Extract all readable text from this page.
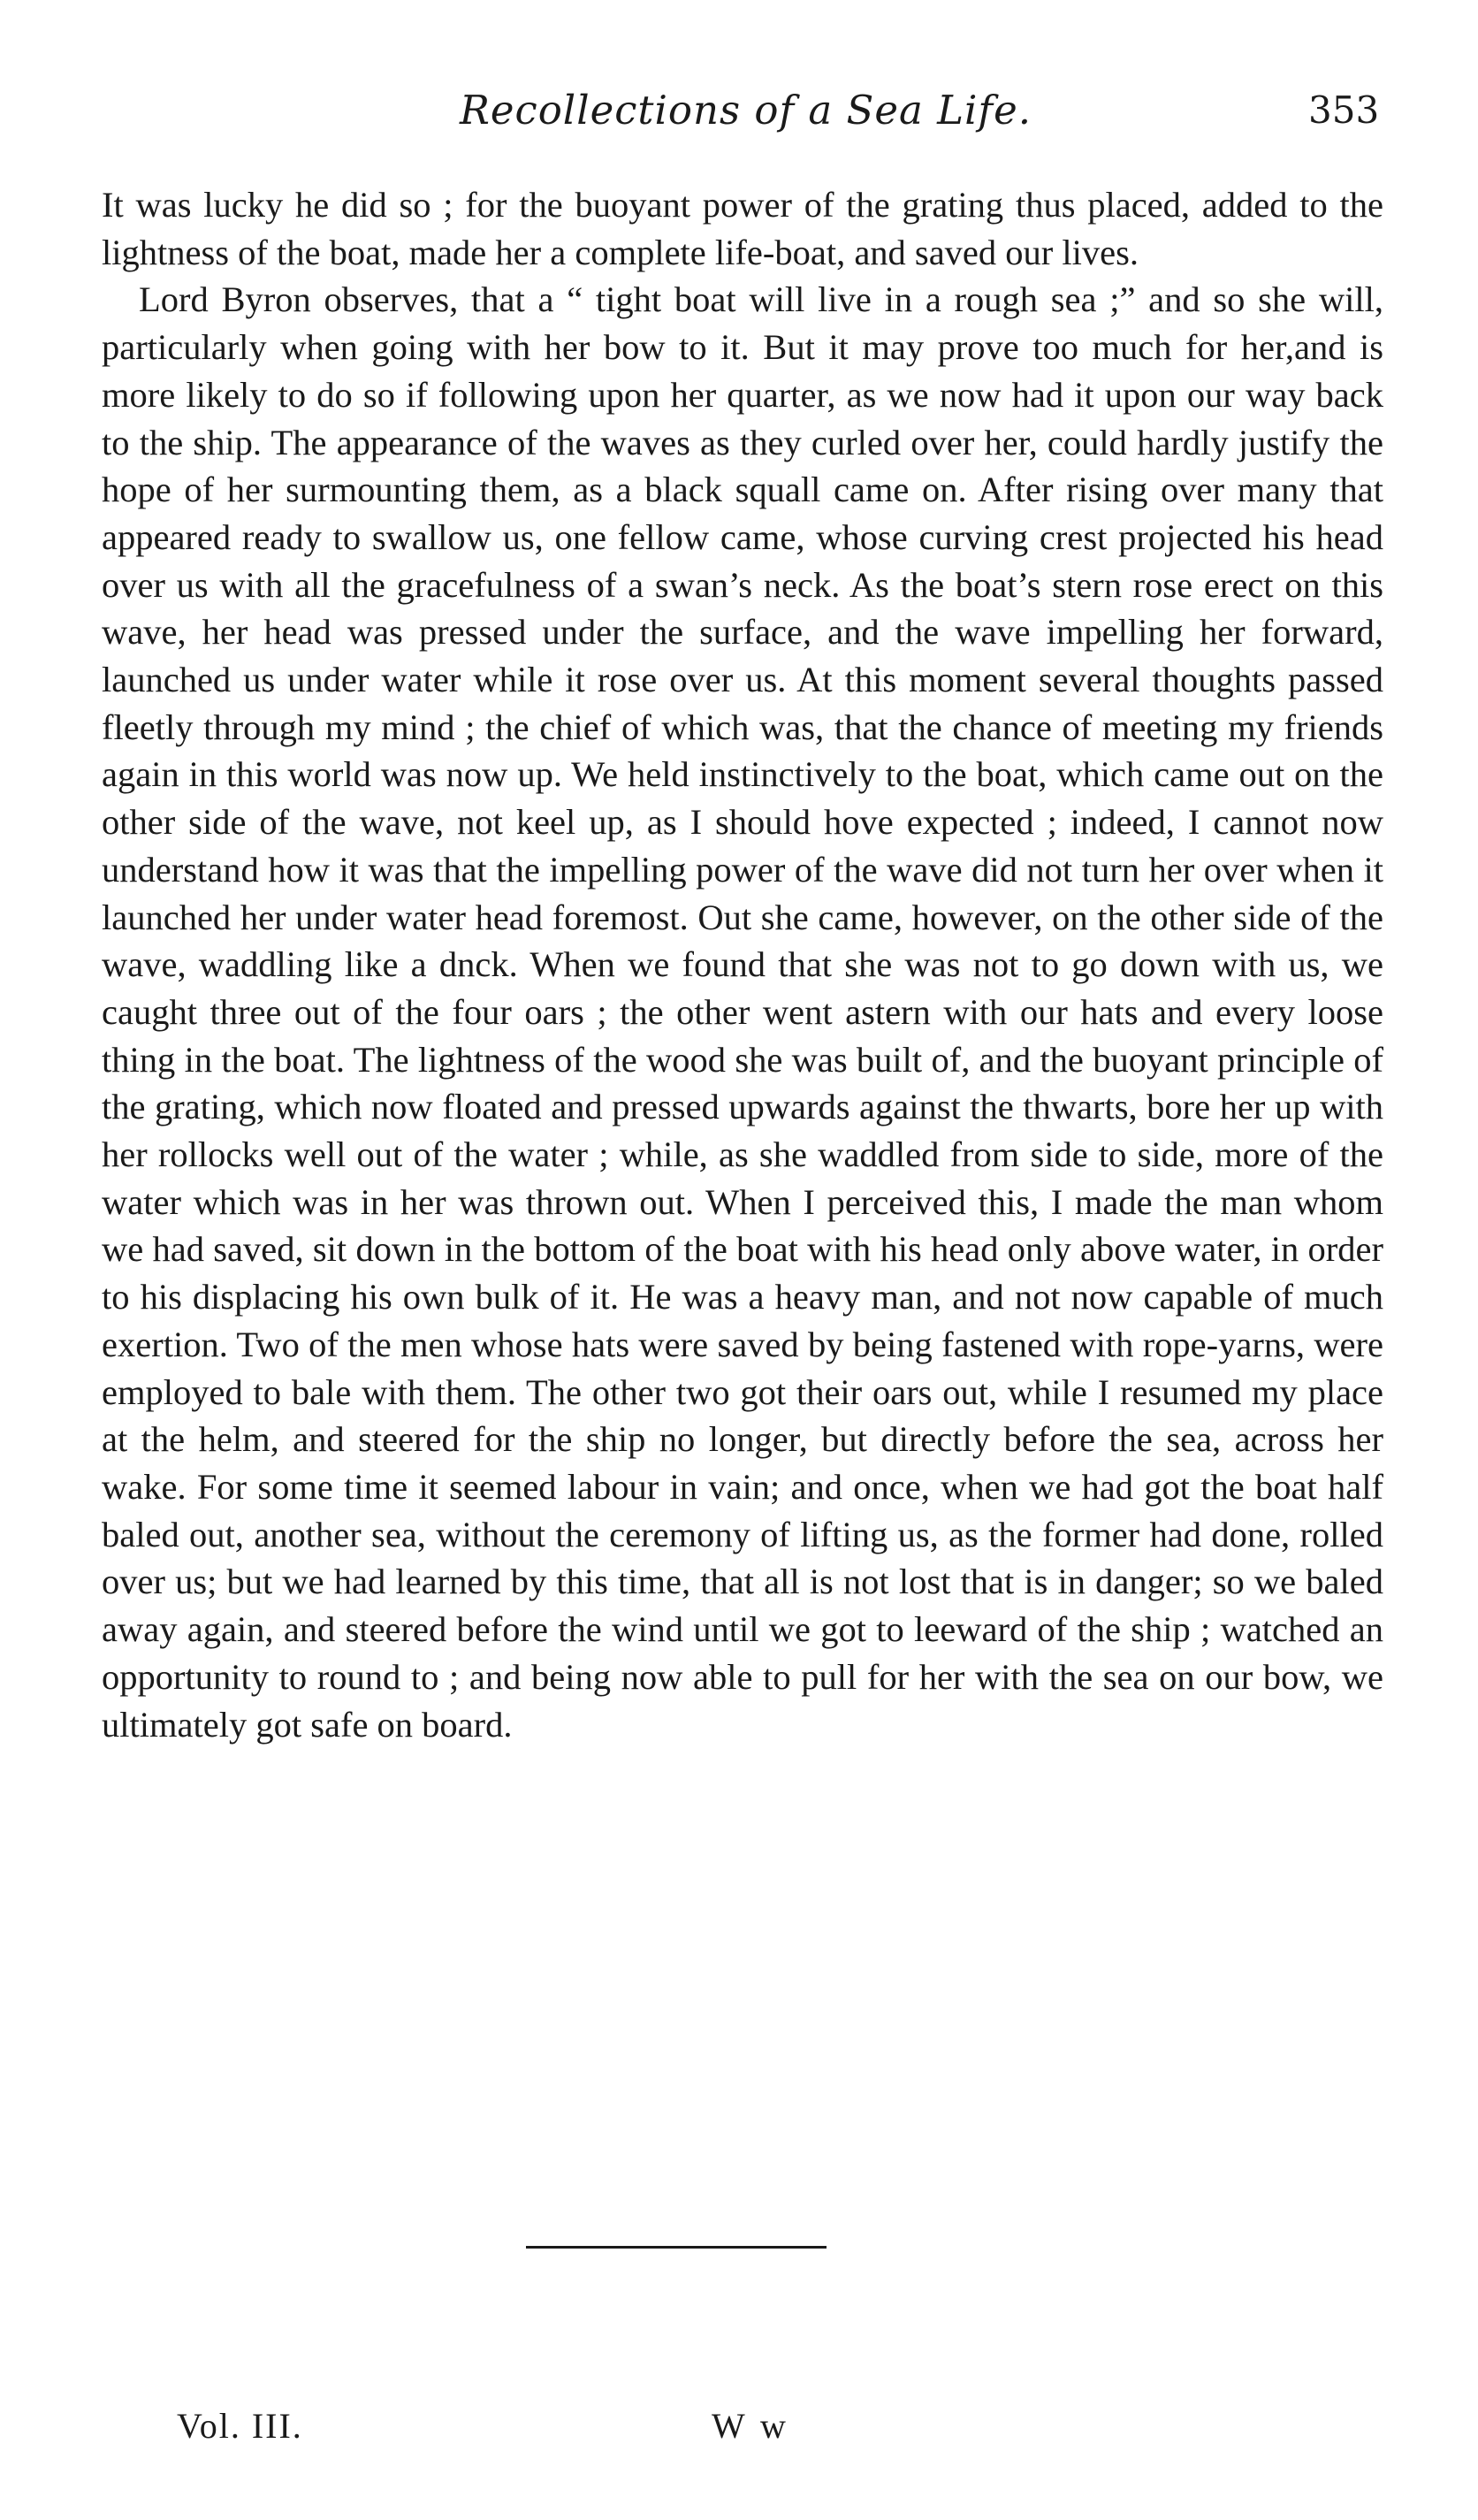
Recollections of a Sea Life.	353

It was lucky he did so ; for the buoyant power of the grating thus placed, added to the lightness of the boat, made her a complete life-boat, and saved our lives.

Lord Byron observes, that a “ tight boat will live in a rough sea ;” and so she will, particularly when going with her bow to it. But it may prove too much for her,and is more likely to do so if following upon her quarter, as we now had it upon our way back to the ship. The appearance of the waves as they curled over her, could hardly justify the hope of her surmounting them, as a black squall came on. After rising over many that appeared ready to swallow us, one fellow came, whose curving crest projected his head over us with all the gracefulness of a swan’s neck. As the boat’s stern rose erect on this wave, her head was pressed under the surface, and the wave impelling her forward, launched us under water while it rose over us. At this moment several thoughts passed fleetly through my mind ; the chief of which was, that the chance of meeting my friends again in this world was now up. We held instinctively to the boat, which came out on the other side of the wave, not keel up, as I should hove expected ; indeed, I cannot now understand how it was that the impelling power of the wave did not turn her over when it launched her under water head foremost. Out she came, however, on the other side of the wave, waddling like a dnck. When we found that she was not to go down with us, we caught three out of the four oars ; the other went astern with our hats and every loose thing in the boat. The lightness of the wood she was built of, and the buoyant principle of the grating, which now floated and pressed upwards against the thwarts, bore her up with her rollocks well out of the water ; while, as she waddled from side to side, more of the water which was in her was thrown out. When I perceived this, I made the man whom we had saved, sit down in the bottom of the boat with his head only above water, in order to his displacing his own bulk of it. He was a heavy man, and not now capable of much exertion. Two of the men whose hats were saved by being fastened with rope-yarns, were employed to bale with them. The other two got their oars out, while I resumed my place at the helm, and steered for the ship no longer, but directly before the sea, across her wake. For some time it seemed labour in vain; and once, when we had got the boat half baled out, another sea, without the ceremony of lifting us, as the former had done, rolled over us; but we had learned by this time, that all is not lost that is in danger; so we baled away again, and steered before the wind until we got to leeward of the ship ; watched an opportunity to round to ; and being now able to pull for her with the sea on our bow, we ultimately got safe on board.

Vol. III.	W w
